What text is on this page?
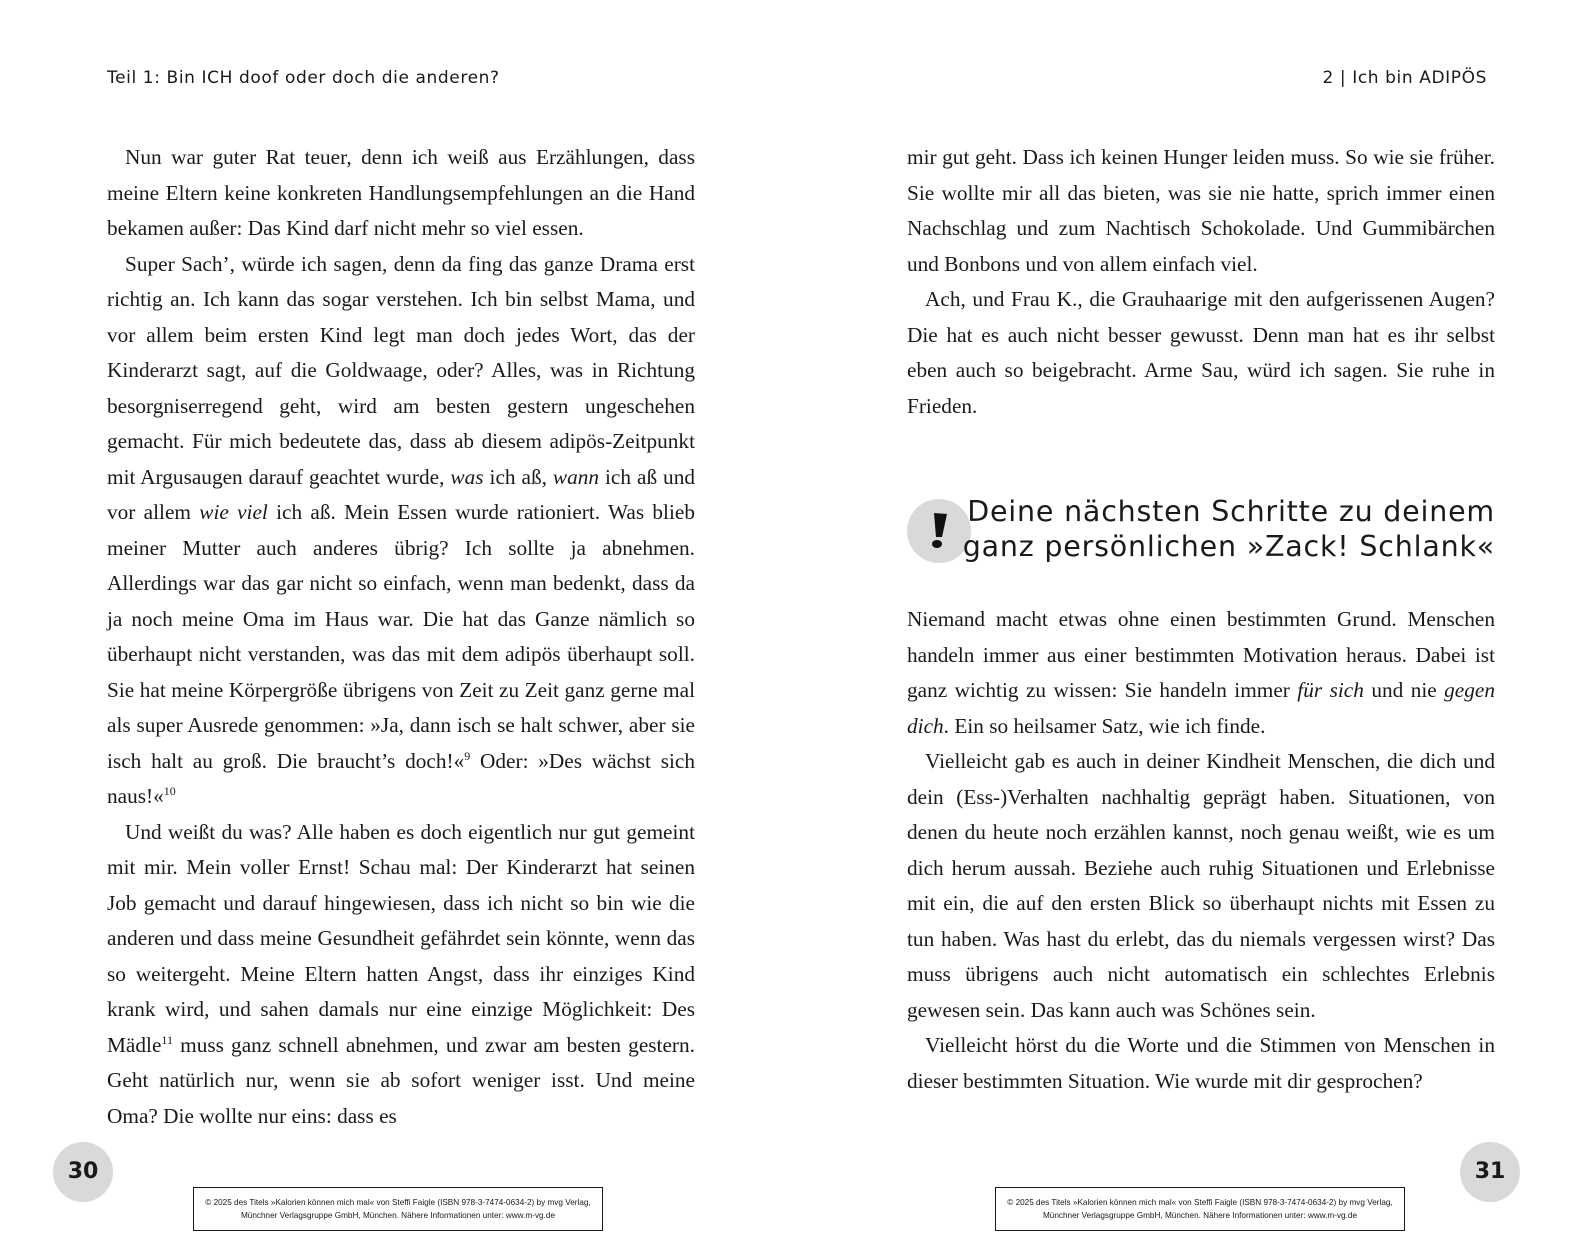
Teil 1: Bin ICH doof oder doch die anderen?

Nun war guter Rat teuer, denn ich weiß aus Erzählungen, dass meine Eltern keine konkreten Handlungsempfehlungen an die Hand bekamen außer: Das Kind darf nicht mehr so viel essen.

Super Sach’, würde ich sagen, denn da fing das ganze Drama erst richtig an. Ich kann das sogar verstehen. Ich bin selbst Mama, und vor allem beim ersten Kind legt man doch jedes Wort, das der Kinderarzt sagt, auf die Goldwaage, oder? Alles, was in Richtung besorgniserregend geht, wird am besten gestern ungeschehen gemacht. Für mich bedeutete das, dass ab diesem adipös-Zeitpunkt mit Argusaugen darauf geachtet wurde, was ich aß, wann ich aß und vor allem wie viel ich aß. Mein Essen wurde rationiert. Was blieb meiner Mutter auch anderes übrig? Ich sollte ja abnehmen. Allerdings war das gar nicht so einfach, wenn man bedenkt, dass da ja noch meine Oma im Haus war. Die hat das Ganze nämlich so überhaupt nicht verstanden, was das mit dem adipös überhaupt soll. Sie hat meine Körpergröße übrigens von Zeit zu Zeit ganz gerne mal als super Ausrede genommen: »Ja, dann isch se halt schwer, aber sie isch halt au groß. Die braucht’s doch!«$^9$ Oder: »Des wächst sich naus!«$^{10}$

Und weißt du was? Alle haben es doch eigentlich nur gut gemeint mit mir. Mein voller Ernst! Schau mal: Der Kinderarzt hat seinen Job gemacht und darauf hingewiesen, dass ich nicht so bin wie die anderen und dass meine Gesundheit gefährdet sein könnte, wenn das so weitergeht. Meine Eltern hatten Angst, dass ihr einziges Kind krank wird, und sahen damals nur eine einzige Möglichkeit: Des Mädle$^{11}$ muss ganz schnell abnehmen, und zwar am besten gestern. Geht natürlich nur, wenn sie ab sofort weniger isst. Und meine Oma? Die wollte nur eins: dass es

30
© 2025 des Titels »Kalorien können mich mal« von Steffi Faigle (ISBN 978-3-7474-0634-2) by mvg Verlag,
Münchner Verlagsgruppe GmbH, München. Nähere Informationen unter: www.m-vg.de
2 | Ich bin ADIPÖS

mir gut geht. Dass ich keinen Hunger leiden muss. So wie sie früher. Sie wollte mir all das bieten, was sie nie hatte, sprich immer einen Nachschlag und zum Nachtisch Schokolade. Und Gummibärchen und Bonbons und von allem einfach viel.

Ach, und Frau K., die Grauhaarige mit den aufgerissenen Augen? Die hat es auch nicht besser gewusst. Denn man hat es ihr selbst eben auch so beigebracht. Arme Sau, würd ich sagen. Sie ruhe in Frieden.

Deine nächsten Schritte zu deinem
ganz persönlichen »Zack! Schlank«

Niemand macht etwas ohne einen bestimmten Grund. Menschen handeln immer aus einer bestimmten Motivation heraus. Dabei ist ganz wichtig zu wissen: Sie handeln immer für sich und nie gegen dich. Ein so heilsamer Satz, wie ich finde.

Vielleicht gab es auch in deiner Kindheit Menschen, die dich und dein (Ess-)Verhalten nachhaltig geprägt haben. Situationen, von denen du heute noch erzählen kannst, noch genau weißt, wie es um dich herum aussah. Beziehe auch ruhig Situationen und Erlebnisse mit ein, die auf den ersten Blick so überhaupt nichts mit Essen zu tun haben. Was hast du erlebt, das du niemals vergessen wirst? Das muss übrigens auch nicht automatisch ein schlechtes Erlebnis gewesen sein. Das kann auch was Schönes sein.

Vielleicht hörst du die Worte und die Stimmen von Menschen in dieser bestimmten Situation. Wie wurde mit dir gesprochen?

31
© 2025 des Titels »Kalorien können mich mal« von Steffi Faigle (ISBN 978-3-7474-0634-2) by mvg Verlag,
Münchner Verlagsgruppe GmbH, München. Nähere Informationen unter: www.m-vg.de
